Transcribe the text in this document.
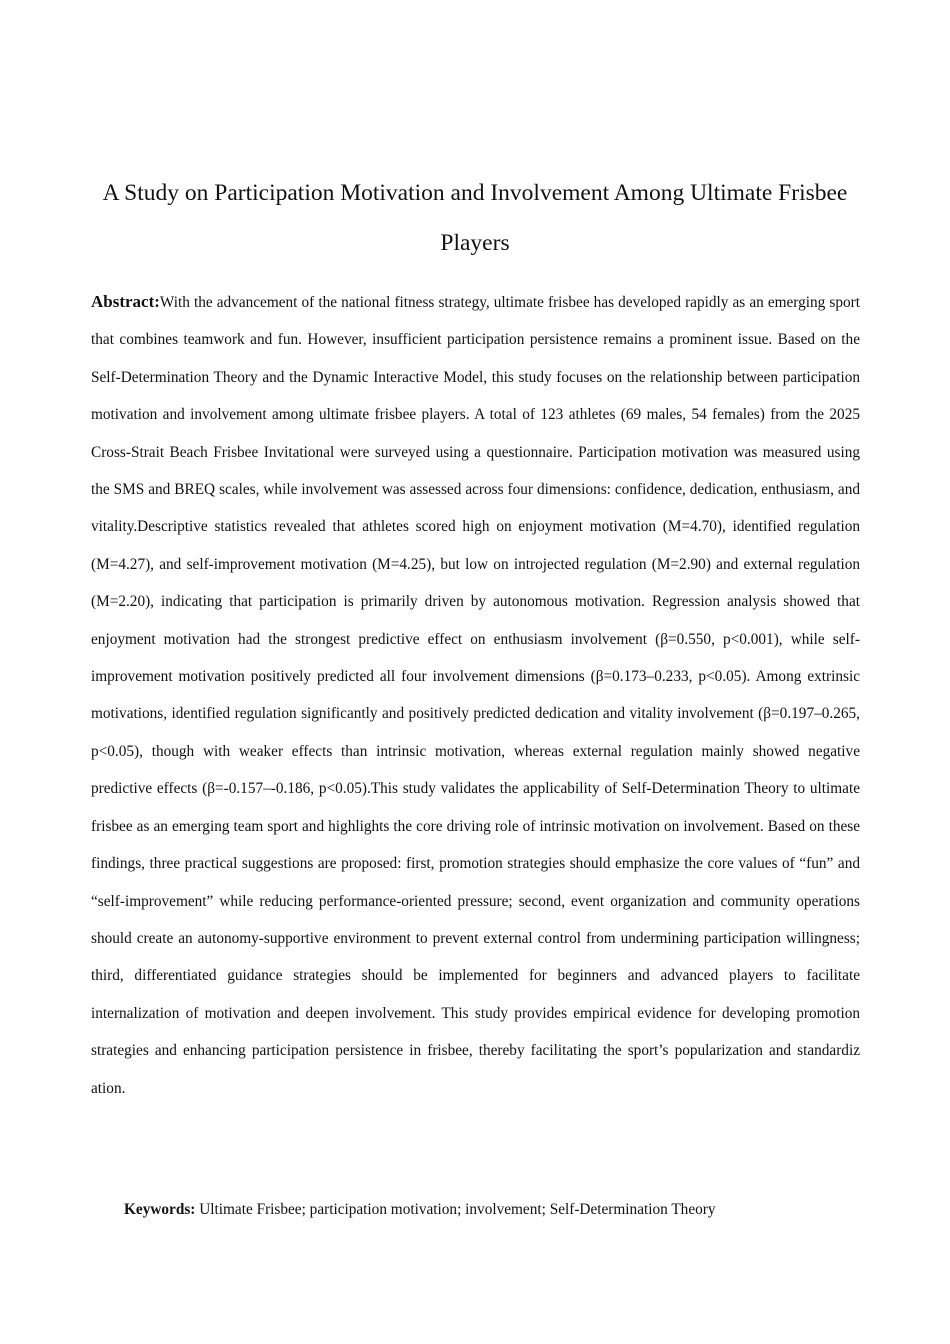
A Study on Participation Motivation and Involvement Among Ultimate Frisbee Players

Abstract:With the advancement of the national fitness strategy, ultimate frisbee has developed rapidly as an emerging sport that combines teamwork and fun. However, insufficient participation persistence remains a prominent issue. Based on the Self-Determination Theory and the Dynamic Interactive Model, this study focuses on the relationship between participation motivation and involvement among ultimate frisbee players. A total of 123 athletes (69 males, 54 females) from the 2025 Cross-Strait Beach Frisbee Invitational were surveyed using a questionnaire. Participation motivation was measured using the SMS and BREQ scales, while involvement was assessed across four dimensions: confidence, dedication, enthusiasm, and vitality.Descriptive statistics revealed that athletes scored high on enjoyment motivation (M=4.70), identified regulation (M=4.27), and self-improvement motivation (M=4.25), but low on introjected regulation (M=2.90) and external regulation (M=2.20), indicating that participation is primarily driven by autonomous motivation. Regression analysis showed that enjoyment motivation had the strongest predictive effect on enthusiasm involvement (β=0.550, p<0.001), while self-improvement motivation positively predicted all four involvement dimensions (β=0.173–0.233, p<0.05). Among extrinsic motivations, identified regulation significantly and positively predicted dedication and vitality involvement (β=0.197–0.265, p<0.05), though with weaker effects than intrinsic motivation, whereas external regulation mainly showed negative predictive effects (β=-0.157–-0.186, p<0.05).This study validates the applicability of Self-Determination Theory to ultimate frisbee as an emerging team sport and highlights the core driving role of intrinsic motivation on involvement. Based on these findings, three practical suggestions are proposed: first, promotion strategies should emphasize the core values of “fun” and “self-improvement” while reducing performance-oriented pressure; second, event organization and community operations should create an autonomy-supportive environment to prevent external control from undermining participation willingness; third, differentiated guidance strategies should be implemented for beginners and advanced players to facilitate internalization of motivation and deepen involvement. This study provides empirical evidence for developing promotion strategies and enhancing participation persistence in frisbee, thereby facilitating the sport’s popularization and standardiz ation.

Keywords: Ultimate Frisbee; participation motivation; involvement; Self-Determination Theory
